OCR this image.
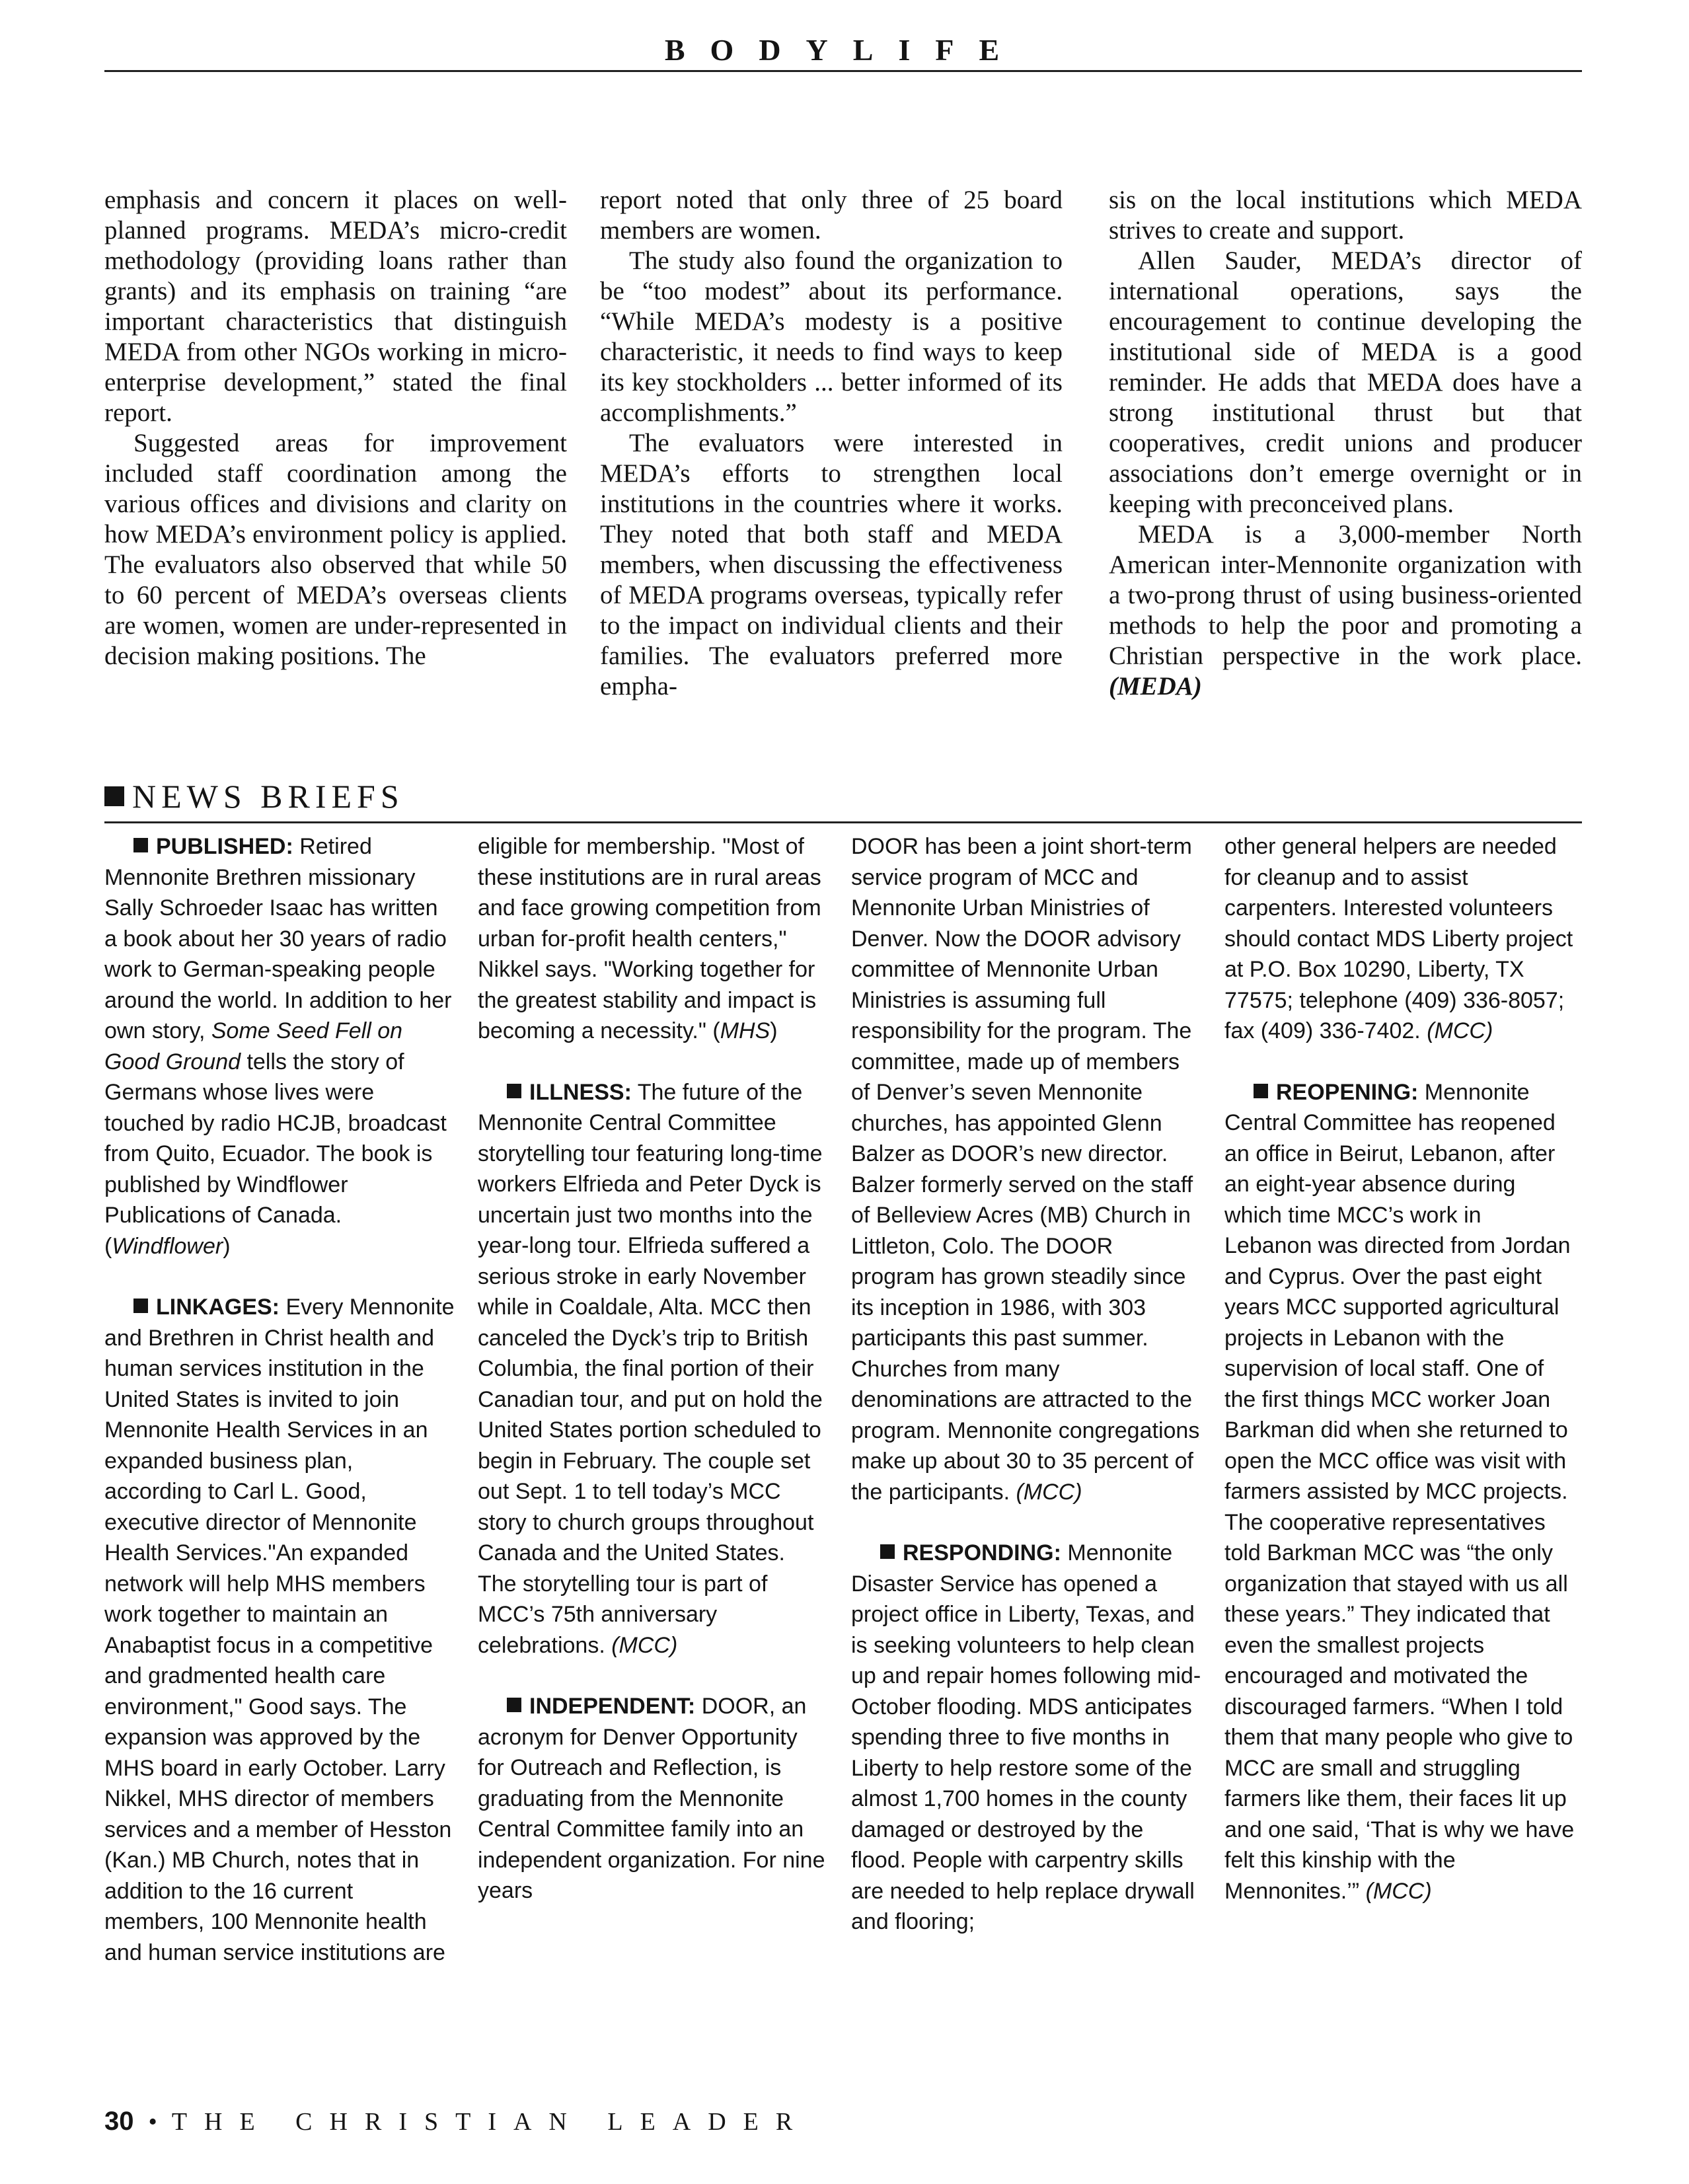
BODYLIFE

emphasis and concern it places on well-planned programs. MEDA’s micro-credit methodology (providing loans rather than grants) and its emphasis on training “are important characteristics that distinguish MEDA from other NGOs working in micro-enterprise development,” stated the final report.

Suggested areas for improvement included staff coordination among the various offices and divisions and clarity on how MEDA’s environment policy is applied. The evaluators also observed that while 50 to 60 percent of MEDA’s overseas clients are women, women are under-represented in decision making positions. The

report noted that only three of 25 board members are women.

The study also found the organization to be “too modest” about its performance. “While MEDA’s modesty is a positive characteristic, it needs to find ways to keep its key stockholders ... better informed of its accomplishments.”

The evaluators were interested in MEDA’s efforts to strengthen local institutions in the countries where it works. They noted that both staff and MEDA members, when discussing the effectiveness of MEDA programs overseas, typically refer to the impact on individual clients and their families. The evaluators preferred more empha-

sis on the local institutions which MEDA strives to create and support.

Allen Sauder, MEDA’s director of international operations, says the encouragement to continue developing the institutional side of MEDA is a good reminder. He adds that MEDA does have a strong institutional thrust but that cooperatives, credit unions and producer associations don’t emerge overnight or in keeping with preconceived plans.

MEDA is a 3,000-member North American inter-Mennonite organization with a two-prong thrust of using business-oriented methods to help the poor and promoting a Christian perspective in the work place. (MEDA)

NEWS BRIEFS

PUBLISHED: Retired Mennonite Brethren missionary Sally Schroeder Isaac has written a book about her 30 years of radio work to German-speaking people around the world. In addition to her own story, Some Seed Fell on Good Ground tells the story of Germans whose lives were touched by radio HCJB, broadcast from Quito, Ecuador. The book is published by Windflower Publications of Canada. (Windflower)

LINKAGES: Every Mennonite and Brethren in Christ health and human services institution in the United States is invited to join Mennonite Health Services in an expanded business plan, according to Carl L. Good, executive director of Mennonite Health Services."An expanded network will help MHS members work together to maintain an Anabaptist focus in a competitive and gradmented health care environment," Good says. The expansion was approved by the MHS board in early October. Larry Nikkel, MHS director of members services and a member of Hesston (Kan.) MB Church, notes that in addition to the 16 current members, 100 Mennonite health and human service institutions are

eligible for membership. "Most of these institutions are in rural areas and face growing competition from urban for-profit health centers," Nikkel says. "Working together for the greatest stability and impact is becoming a necessity." (MHS)

ILLNESS: The future of the Mennonite Central Committee storytelling tour featuring long-time workers Elfrieda and Peter Dyck is uncertain just two months into the year-long tour. Elfrieda suffered a serious stroke in early November while in Coaldale, Alta. MCC then canceled the Dyck’s trip to British Columbia, the final portion of their Canadian tour, and put on hold the United States portion scheduled to begin in February. The couple set out Sept. 1 to tell today’s MCC story to church groups throughout Canada and the United States. The storytelling tour is part of MCC’s 75th anniversary celebrations. (MCC)

INDEPENDENT: DOOR, an acronym for Denver Opportunity for Outreach and Reflection, is graduating from the Mennonite Central Committee family into an independent organization. For nine years

DOOR has been a joint short-term service program of MCC and Mennonite Urban Ministries of Denver. Now the DOOR advisory committee of Mennonite Urban Ministries is assuming full responsibility for the program. The committee, made up of members of Denver’s seven Mennonite churches, has appointed Glenn Balzer as DOOR’s new director. Balzer formerly served on the staff of Belleview Acres (MB) Church in Littleton, Colo. The DOOR program has grown steadily since its inception in 1986, with 303 participants this past summer. Churches from many denominations are attracted to the program. Mennonite congregations make up about 30 to 35 percent of the participants. (MCC)

RESPONDING: Mennonite Disaster Service has opened a project office in Liberty, Texas, and is seeking volunteers to help clean up and repair homes following mid-October flooding. MDS anticipates spending three to five months in Liberty to help restore some of the almost 1,700 homes in the county damaged or destroyed by the flood. People with carpentry skills are needed to help replace drywall and flooring;

other general helpers are needed for cleanup and to assist carpenters. Interested volunteers should contact MDS Liberty project at P.O. Box 10290, Liberty, TX 77575; telephone (409) 336-8057; fax (409) 336-7402. (MCC)

REOPENING: Mennonite Central Committee has reopened an office in Beirut, Lebanon, after an eight-year absence during which time MCC’s work in Lebanon was directed from Jordan and Cyprus. Over the past eight years MCC supported agricultural projects in Lebanon with the supervision of local staff. One of the first things MCC worker Joan Barkman did when she returned to open the MCC office was visit with farmers assisted by MCC projects. The cooperative representatives told Barkman MCC was “the only organization that stayed with us all these years.” They indicated that even the smallest projects encouraged and motivated the discouraged farmers. “When I told them that many people who give to MCC are small and struggling farmers like them, their faces lit up and one said, ‘That is why we have felt this kinship with the Mennonites.’” (MCC)

30 • THE CHRISTIAN LEADER
